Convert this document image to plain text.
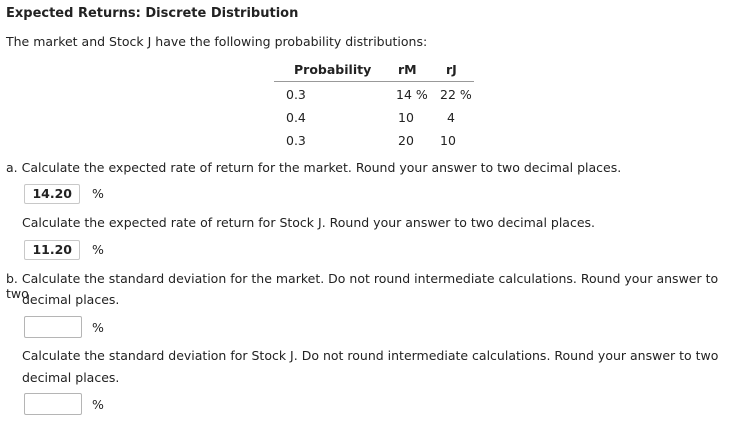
Expected Returns: Discrete Distribution
The market and Stock J have the following probability distributions:
Probability rM rJ
0.3	14 % 22 %
0.4	10	4
0.3	20 10
a. Calculate the expected rate of return for the market. Round your answer to two decimal places.
14.20	%
Calculate the expected rate of return for Stock J. Round your answer to two decimal places.
11.20	%
b. Calculate the standard deviation for the market. Do not round intermediate calculations. Round your answer to two
decimal places.
%
Calculate the standard deviation for Stock J. Do not round intermediate calculations. Round your answer to two
decimal places.
%
